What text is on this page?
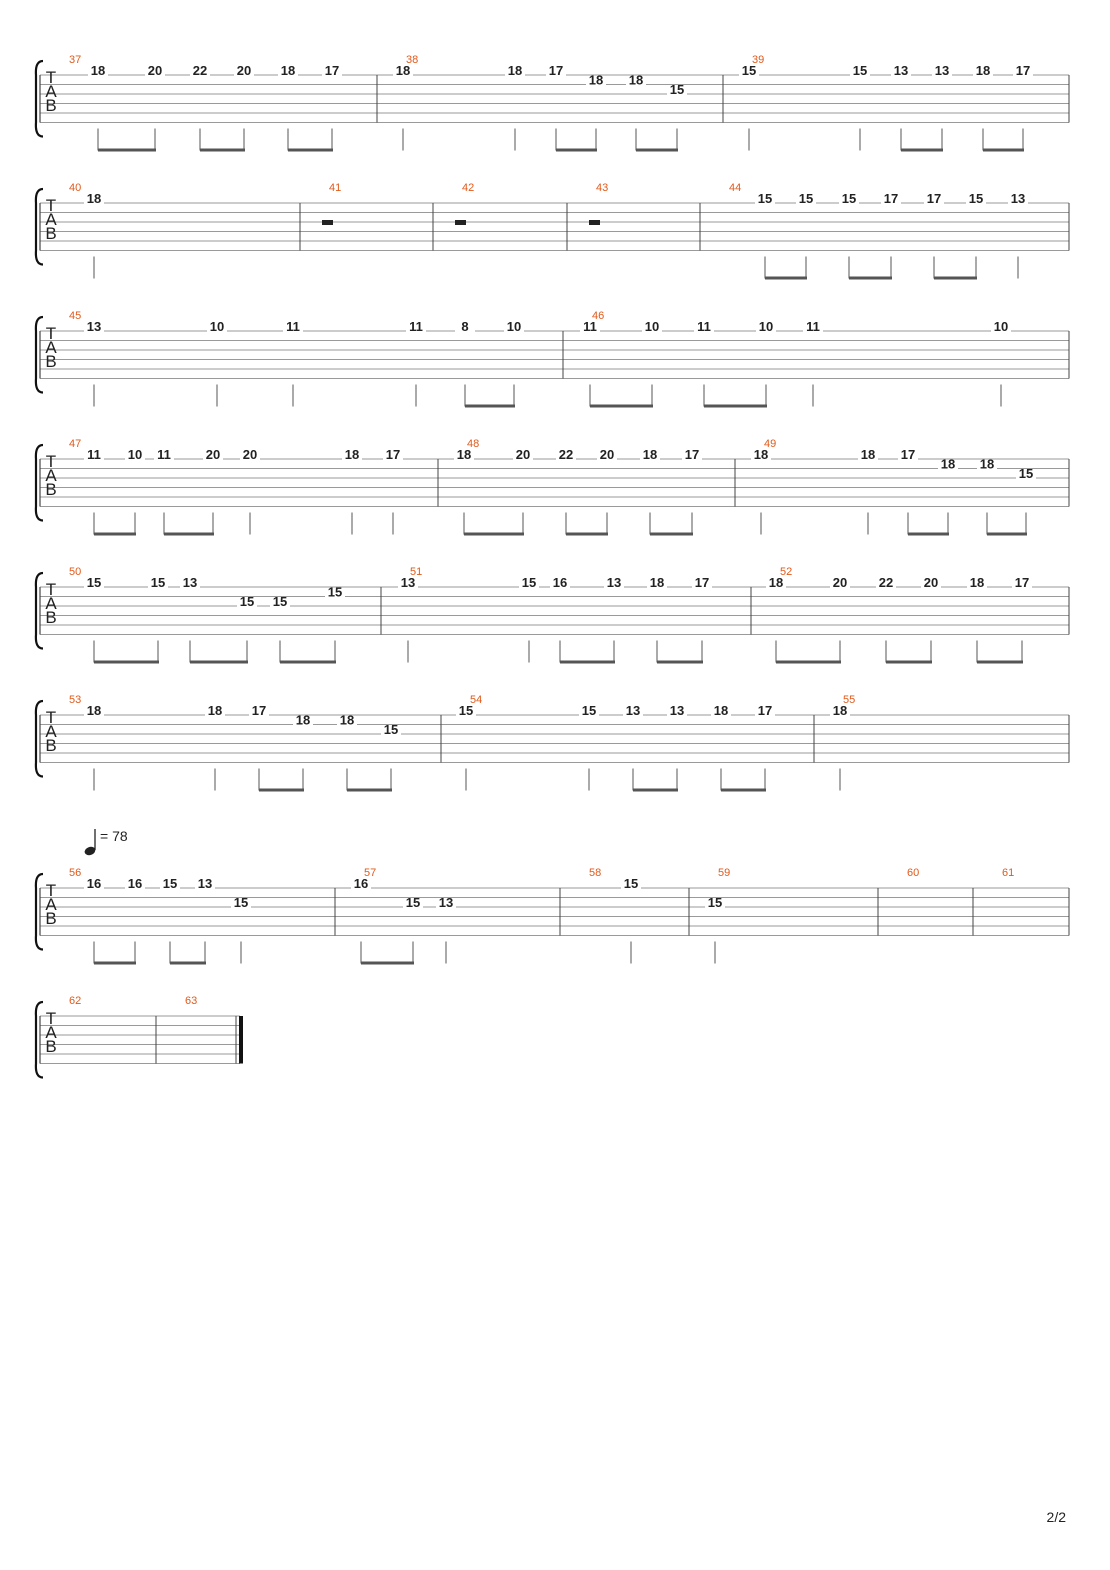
T
A
B
37
18	20 22 20 18 17
38
18	18 17
18 18
15
39
15	15 13 13 18 17
T
A
B
40
18
41	42	43	44
15 15 15 17 17 15 13
T
A
B
45
13	10	11	11	8	10
46
11	10	11	10	11	10
T
A
B
47
11 10 11	20 20	18 17
48
18	20 22 20 18 17
49
18	18 17
18 18
15
T
A
B
50
15	15 13
15 15
15
51
13	15 16	13 18 17
52
18	20 22 20 18 17
T
A
B
53
18	18 17
18 18
15
54
15	15 13 13 18 17
55
18
T
A
B
56
16 16 15 13
15
57
16
15 13
58
15
59
15
60	61
T
A
B
62	63
= 78
2/2
